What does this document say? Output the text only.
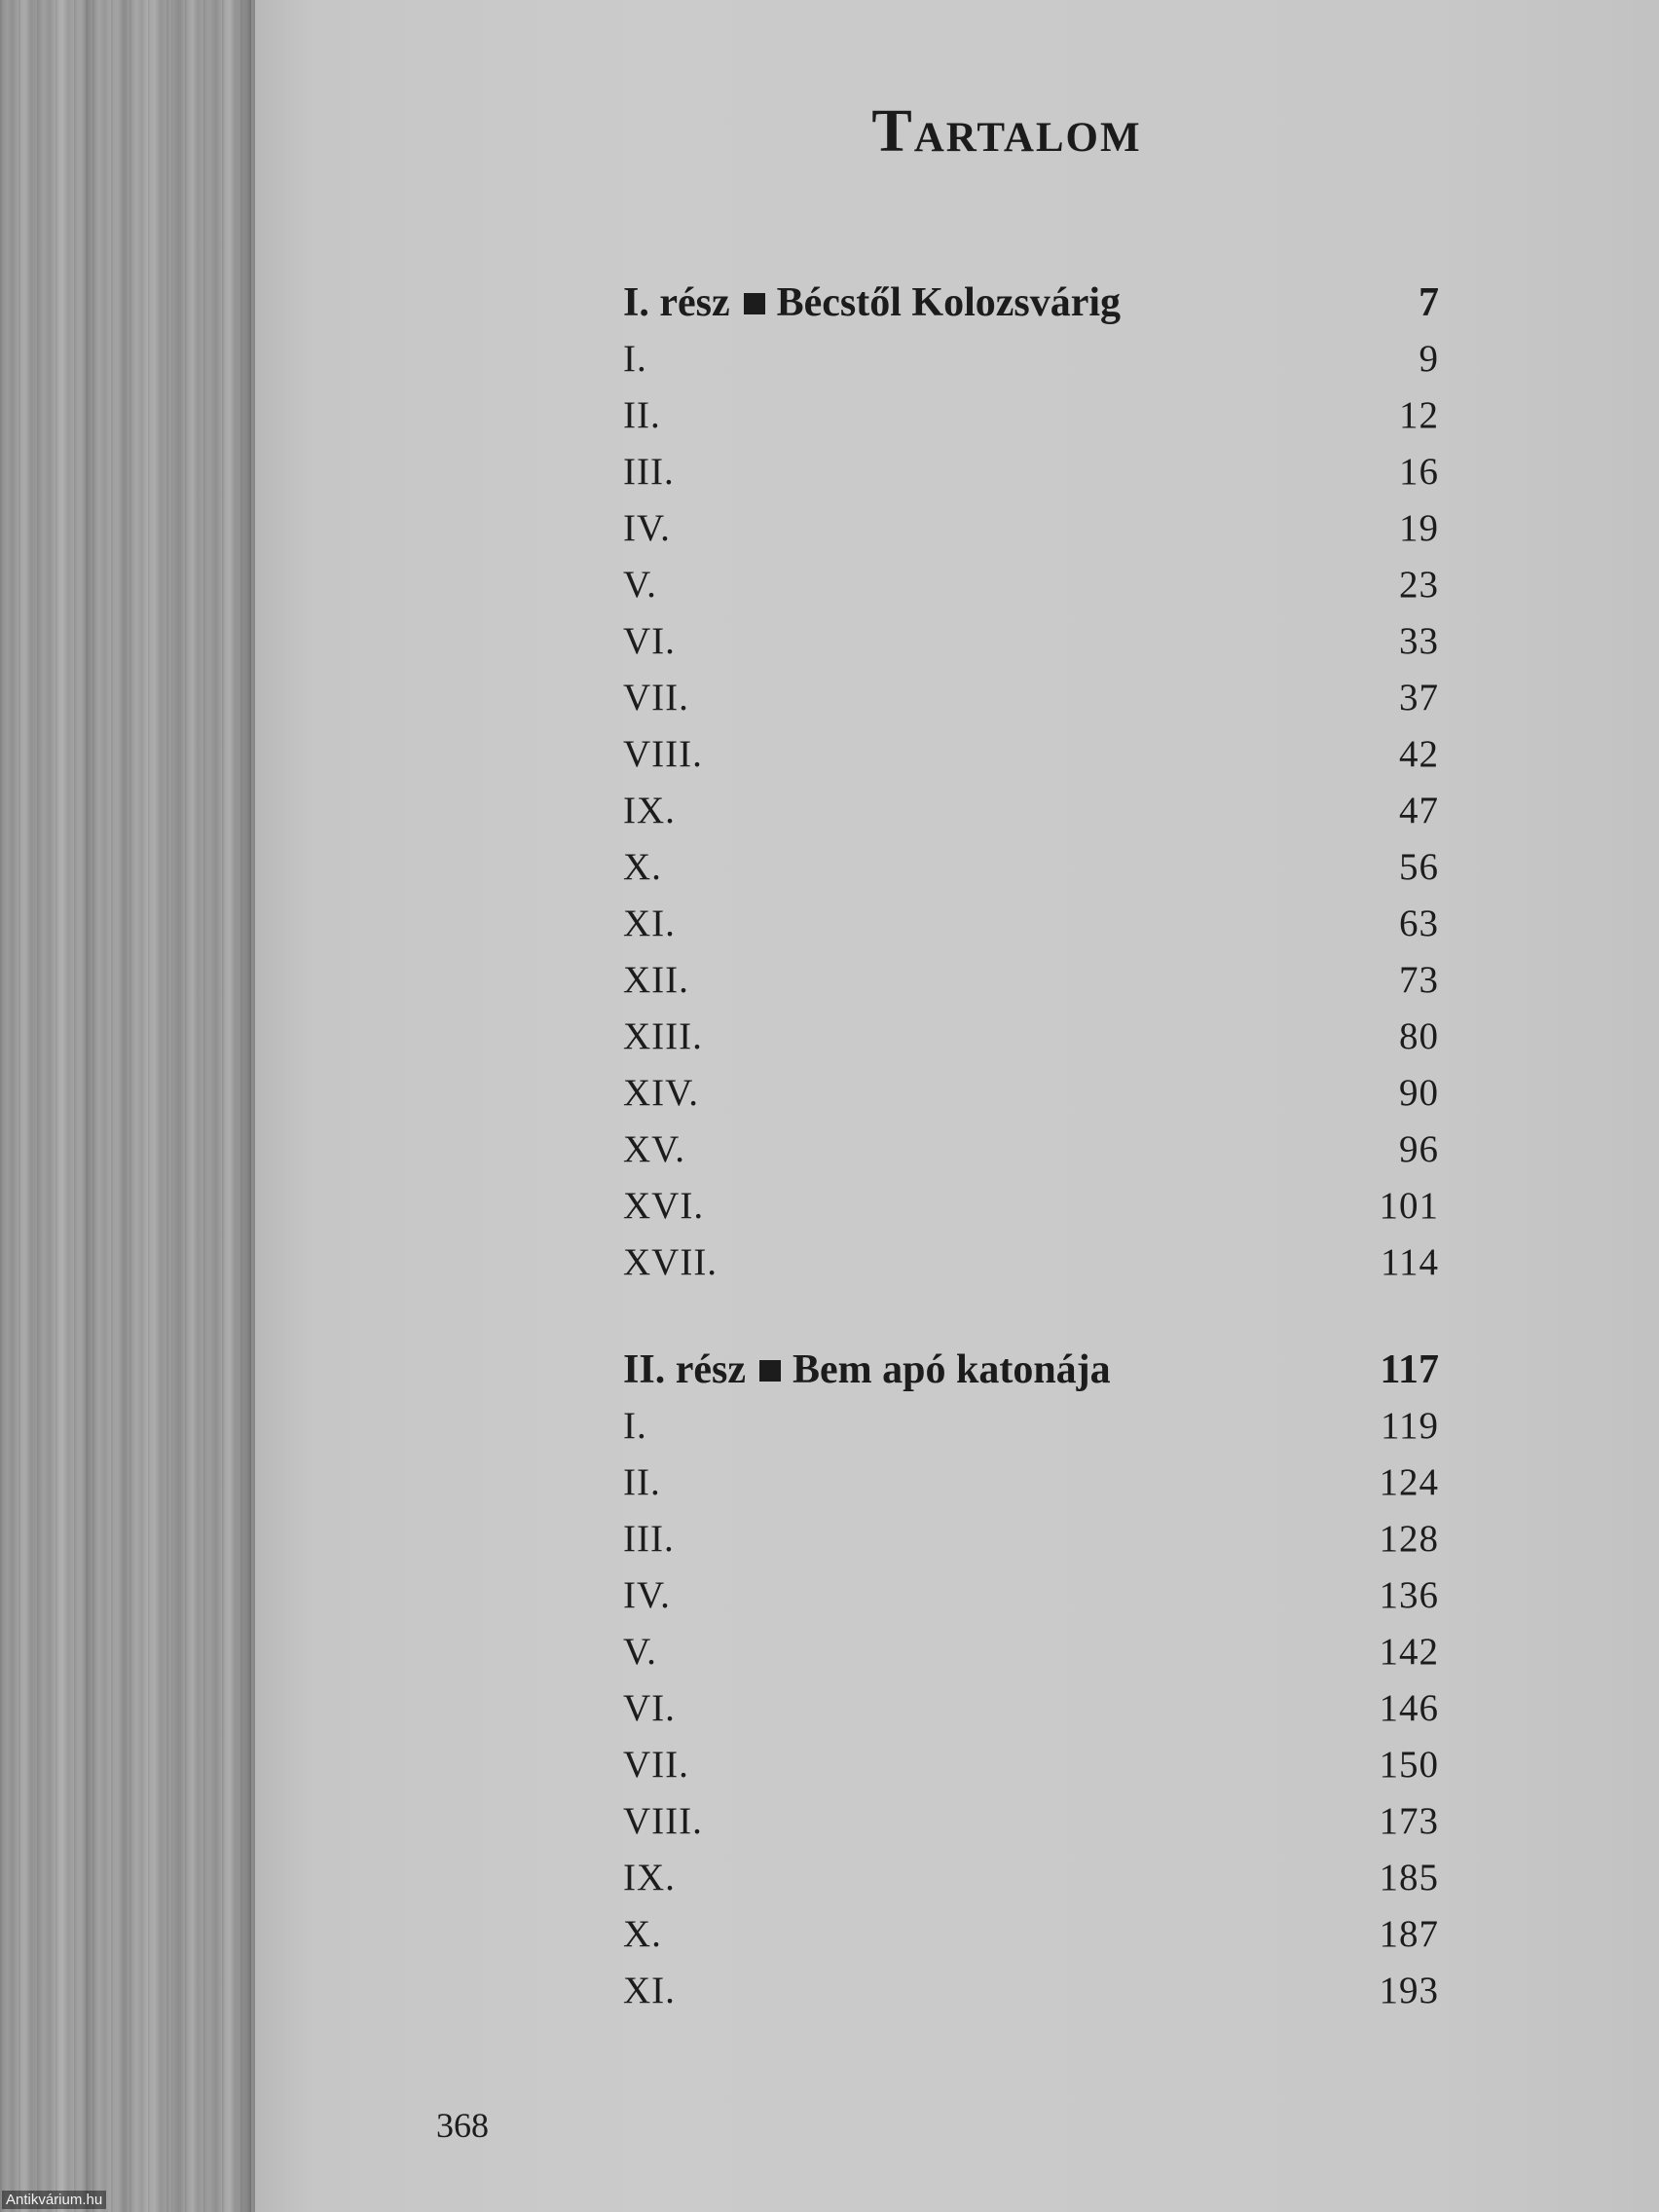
Tartalom
I. rész Bécstől Kolozsvárig	7
I.	9
II.	12
III.	16
IV.	19
V.	23
VI.	33
VII.	37
VIII.	42
IX.	47
X.	56
XI.	63
XII.	73
XIII.	80
XIV.	90
XV.	96
XVI.	101
XVII.	114
II. rész Bem apó katonája	117
I.	119
II.	124
III.	128
IV.	136
V.	142
VI.	146
VII.	150
VIII.	173
IX.	185
X.	187
XI.	193
368
Antikvárium.hu
